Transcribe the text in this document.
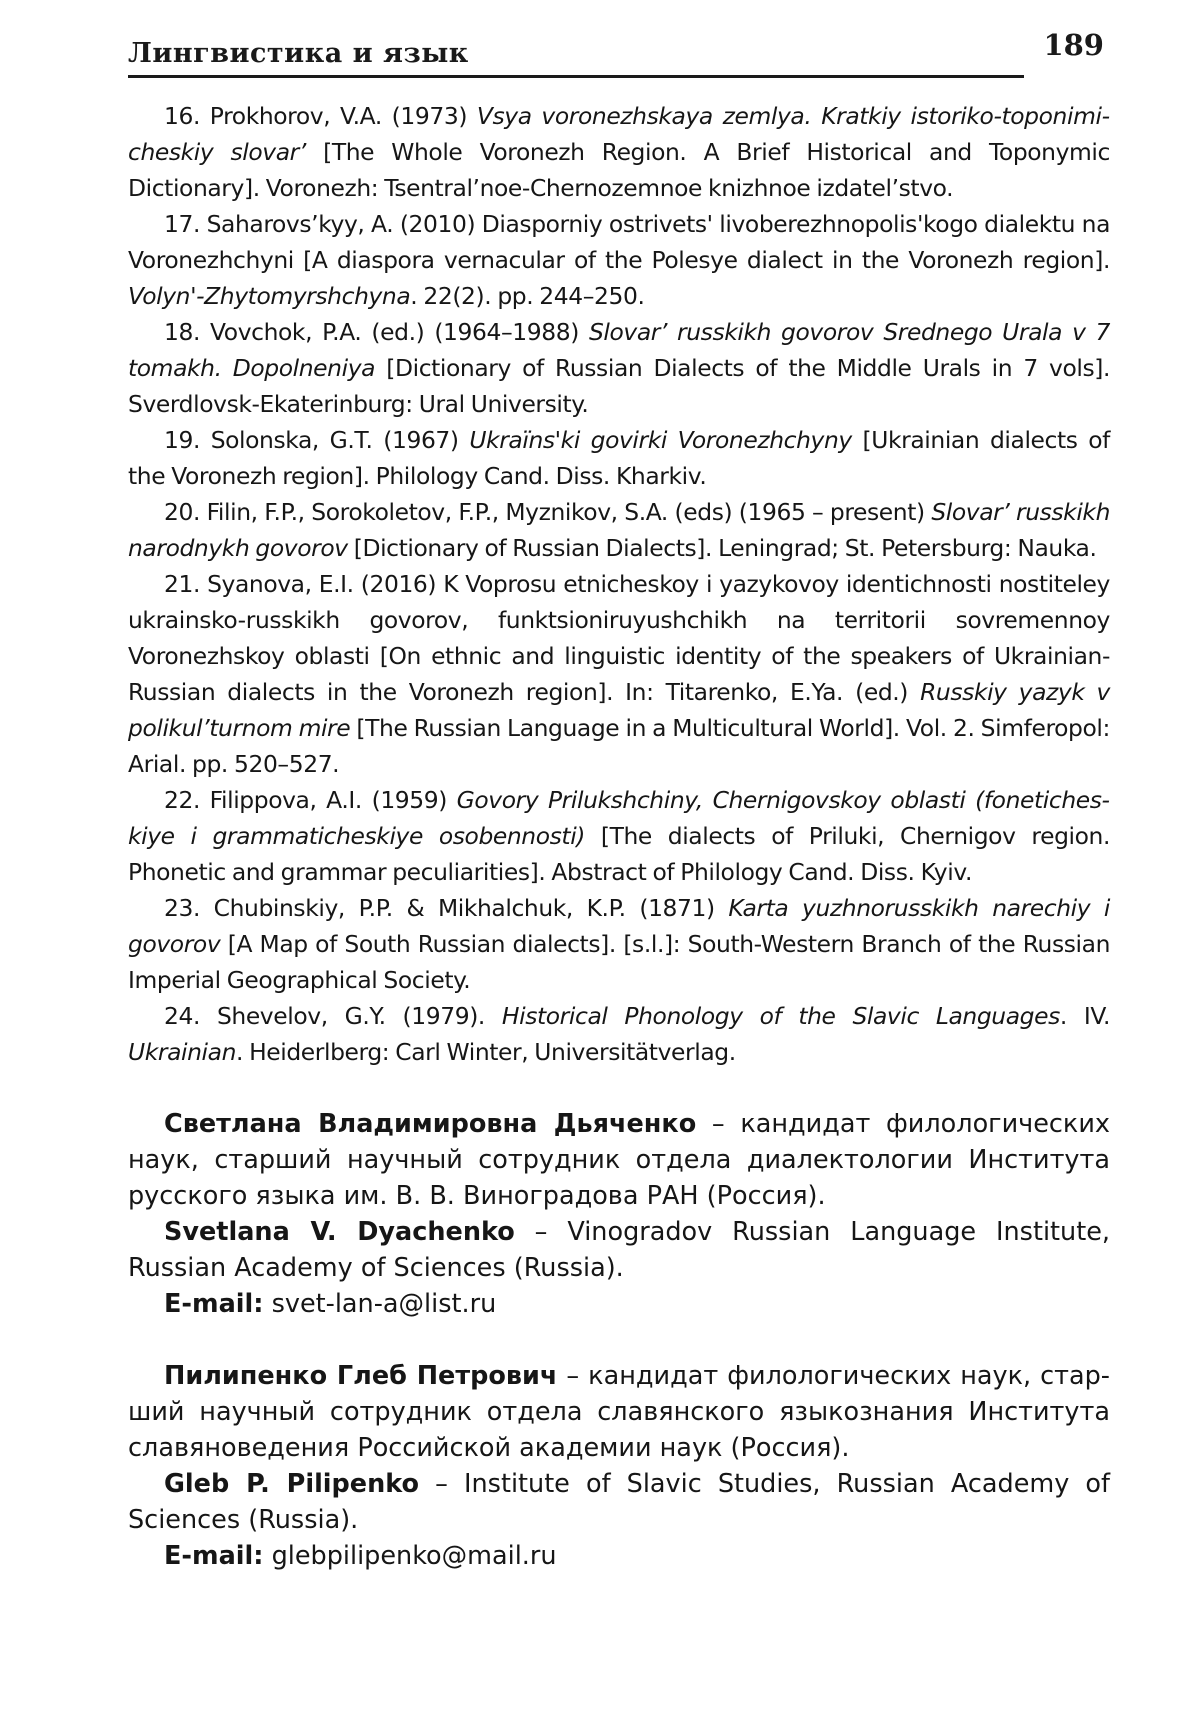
Лингвистика и язык	189

16. Prokhorov, V.A. (1973) Vsya voronezhskaya zemlya. Kratkiy istoriko-toponimicheskiy slovar’ [The Whole Voronezh Region. A Brief Historical and Toponymic Dictionary]. Voronezh: Tsentral’noe-Chernozemnoe knizhnoe izdatel’stvo.

17. Saharovs’kyy, A. (2010) Diasporniy ostrivets' livoberezhnopolis'kogo dialektu na Voronezhchyni [A diaspora vernacular of the Polesye dialect in the Voronezh region]. Volyn'-Zhytomyrshchyna. 22(2). pp. 244–250.

18. Vovchok, P.A. (ed.) (1964–1988) Slovar’ russkikh govorov Srednego Urala v 7 tomakh. Dopolneniya [Dictionary of Russian Dialects of the Middle Urals in 7 vols]. Sverdlovsk-Ekaterinburg: Ural University.

19. Solonska, G.T. (1967) Ukraїns'ki govirki Voronezhchyny [Ukrainian dialects of the Voronezh region]. Philology Cand. Diss. Kharkiv.

20. Filin, F.P., Sorokoletov, F.P., Myznikov, S.A. (eds) (1965 – present) Slovar’ russkikh narodnykh govorov [Dictionary of Russian Dialects]. Leningrad; St. Petersburg: Nauka.

21. Syanova, E.I. (2016) K Voprosu etnicheskoy i yazykovoy identichnosti nostiteley ukrainsko-russkikh govorov, funktsioniruyushchikh na territorii sovremennoy Voronezhskoy oblasti [On ethnic and linguistic identity of the speakers of Ukrainian-Russian dialects in the Voronezh region]. In: Titarenko, E.Ya. (ed.) Russkiy yazyk v polikul’turnom mire [The Russian Language in a Multicultural World]. Vol. 2. Simferopol: Arial. pp. 520–527.

22. Filippova, A.I. (1959) Govory Prilukshchiny, Chernigovskoy oblasti (foneticheskiye i grammaticheskiye osobennosti) [The dialects of Priluki, Chernigov region. Phonetic and grammar peculiarities]. Abstract of Philology Cand. Diss. Kyiv.

23. Chubinskiy, P.P. & Mikhalchuk, K.P. (1871) Karta yuzhnorusskikh narechiy i govorov [A Map of South Russian dialects]. [s.l.]: South-Western Branch of the Russian Imperial Geographical Society.

24. Shevelov, G.Y. (1979). Historical Phonology of the Slavic Languages. IV. Ukrainian. Heiderlberg: Carl Winter, Universitätverlag.

Светлана Владимировна Дьяченко – кандидат филологических наук, старший научный сотрудник отдела диалектологии Института русского языка им. В. В. Виноградова РАН (Россия).

Svetlana V. Dyachenko – Vinogradov Russian Language Institute, Russian Academy of Sciences (Russia).

E-mail: svet-lan-a@list.ru

Пилипенко Глеб Петрович – кандидат филологических наук, старший научный сотрудник отдела славянского языкознания Института славяноведения Российской академии наук (Россия).

Gleb P. Pilipenko – Institute of Slavic Studies, Russian Academy of Sciences (Russia).

E-mail: glebpilipenko@mail.ru
